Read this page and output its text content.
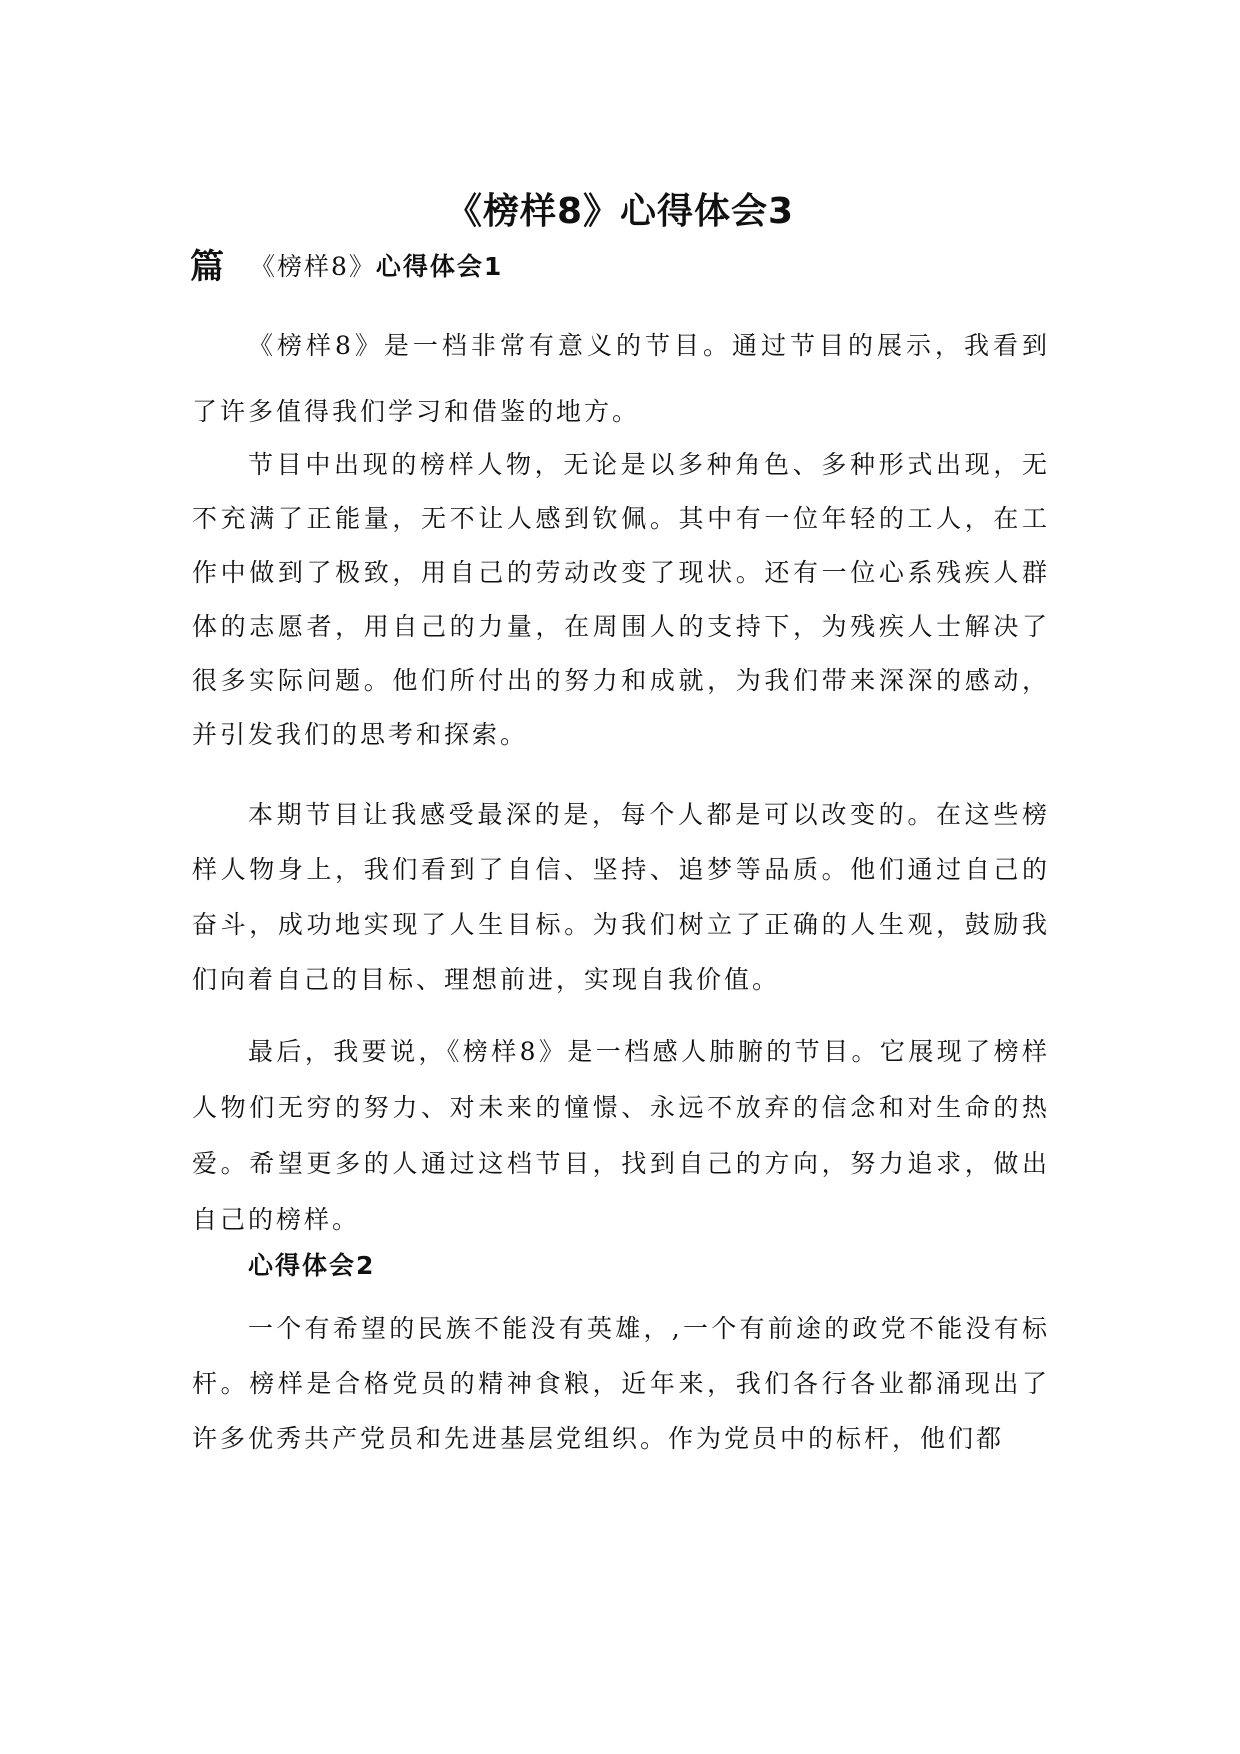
《榜样8》心得体会3
篇 《榜样8》心得体会1

《榜样8》是一档非常有意义的节目。通过节目的展示，我看到了许多值得我们学习和借鉴的地方。

节目中出现的榜样人物，无论是以多种角色、多种形式出现，无不充满了正能量，无不让人感到钦佩。其中有一位年轻的工人，在工作中做到了极致，用自己的劳动改变了现状。还有一位心系残疾人群体的志愿者，用自己的力量，在周围人的支持下，为残疾人士解决了很多实际问题。他们所付出的努力和成就，为我们带来深深的感动，并引发我们的思考和探索。

本期节目让我感受最深的是，每个人都是可以改变的。在这些榜样人物身上，我们看到了自信、坚持、追梦等品质。他们通过自己的奋斗，成功地实现了人生目标。为我们树立了正确的人生观，鼓励我们向着自己的目标、理想前进，实现自我价值。

最后，我要说，《榜样8》是一档感人肺腑的节目。它展现了榜样人物们无穷的努力、对未来的憧憬、永远不放弃的信念和对生命的热爱。希望更多的人通过这档节目，找到自己的方向，努力追求，做出自己的榜样。

心得体会2

一个有希望的民族不能没有英雄，,一个有前途的政党不能没有标杆。榜样是合格党员的精神食粮，近年来，我们各行各业都涌现出了许多优秀共产党员和先进基层党组织。作为党员中的标杆，他们都
